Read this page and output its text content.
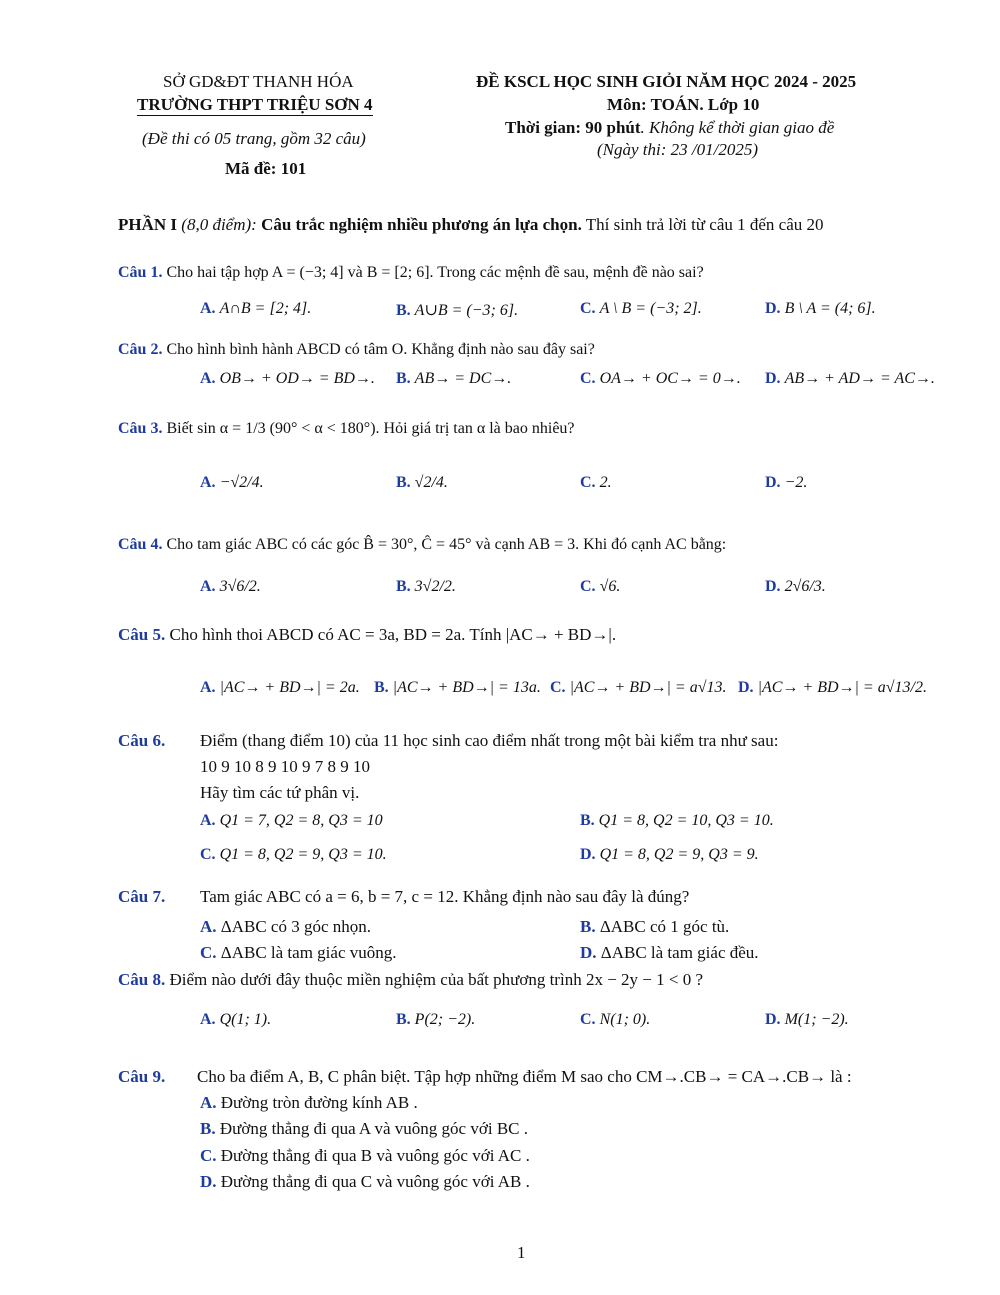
SỞ GD&ĐT THANH HÓA
TRƯỜNG THPT TRIỆU SƠN 4
(Đề thi có 05 trang, gồm 32 câu)
Mã đề: 101
ĐỀ KSCL HỌC SINH GIỎI NĂM HỌC 2024 - 2025
Môn: TOÁN. Lớp 10
Thời gian: 90 phút. Không kể thời gian giao đề
(Ngày thi: 23 /01/2025)
PHẦN I (8,0 điểm): Câu trắc nghiệm nhiều phương án lựa chọn. Thí sinh trả lời từ câu 1 đến câu 20
Câu 1. Cho hai tập hợp A = (−3; 4] và B = [2; 6]. Trong các mệnh đề sau, mệnh đề nào sai?
A. A∩B = [2; 4].	B. A∪B = (−3; 6].	C. A \ B = (−3; 2].	D. B \ A = (4; 6].
Câu 2. Cho hình bình hành ABCD có tâm O. Khẳng định nào sau đây sai?
A. OB→ + OD→ = BD→. B. AB→ = DC→.	C. OA→ + OC→ = 0→. D. AB→ + AD→ = AC→.
Câu 3. Biết sin α = 1/3 (90° < α < 180°). Hỏi giá trị tan α là bao nhiêu?
A. −√2/4.	B. √2/4.	C. 2.	D. −2.
Câu 4. Cho tam giác ABC có các góc B̂ = 30°, Ĉ = 45° và cạnh AB = 3. Khi đó cạnh AC bằng:
A. 3√6/2.	B. 3√2/2.	C. √6.	D. 2√6/3.
Câu 5. Cho hình thoi ABCD có AC = 3a, BD = 2a. Tính |AC→ + BD→|.
A. |AC→ + BD→| = 2a. B. |AC→ + BD→| = 13a. C. |AC→ + BD→| = a√13. D. |AC→ + BD→| = a√13/2.
Câu 6. Điểm (thang điểm 10) của 11 học sinh cao điểm nhất trong một bài kiểm tra như sau:
10 9 10 8 9 10 9 7 8 9 10
Hãy tìm các tứ phân vị.
A. Q1 = 7, Q2 = 8, Q3 = 10	B. Q1 = 8, Q2 = 10, Q3 = 10.
C. Q1 = 8, Q2 = 9, Q3 = 10.	D. Q1 = 8, Q2 = 9, Q3 = 9.
Câu 7. Tam giác ABC có a = 6, b = 7, c = 12. Khẳng định nào sau đây là đúng?
A. ΔABC có 3 góc nhọn.	B. ΔABC có 1 góc tù.
C. ΔABC là tam giác vuông.	D. ΔABC là tam giác đều.
Câu 8. Điểm nào dưới đây thuộc miền nghiệm của bất phương trình 2x − 2y − 1 < 0 ?
A. Q(1; 1).	B. P(2; −2).	C. N(1; 0).	D. M(1; −2).
Câu 9. Cho ba điểm A, B, C phân biệt. Tập hợp những điểm M sao cho CM→.CB→ = CA→.CB→ là :
A. Đường tròn đường kính AB .
B. Đường thẳng đi qua A và vuông góc với BC .
C. Đường thẳng đi qua B và vuông góc với AC .
D. Đường thẳng đi qua C và vuông góc với AB .
1
